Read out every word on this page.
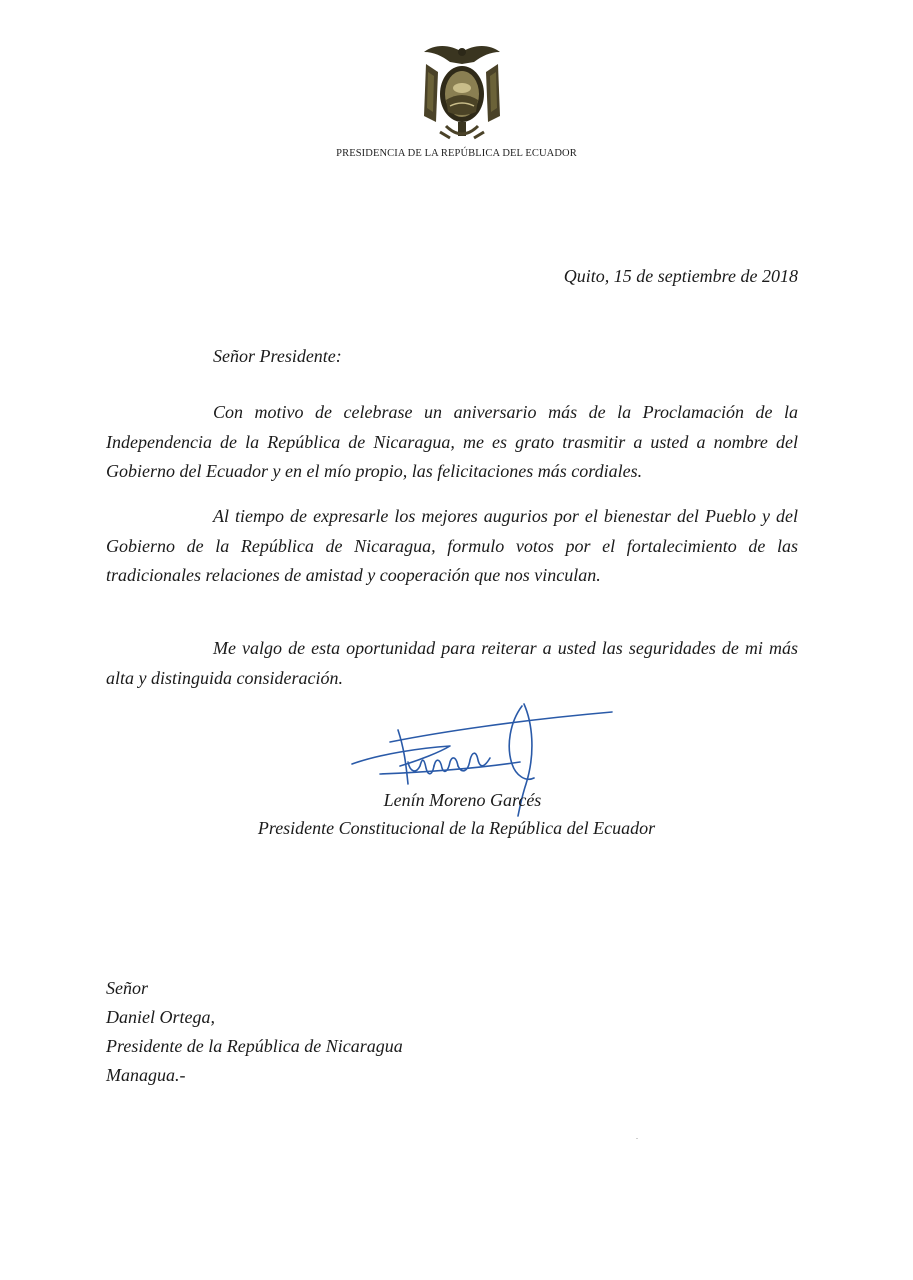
PRESIDENCIA DE LA REPÚBLICA DEL ECUADOR
Quito, 15 de septiembre de 2018
Señor Presidente:

Con motivo de celebrase un aniversario más de la Proclamación de la Independencia de la República de Nicaragua, me es grato trasmitir a usted a nombre del Gobierno del Ecuador y en el mío propio, las felicitaciones más cordiales.

Al tiempo de expresarle los mejores augurios por el bienestar del Pueblo y del Gobierno de la República de Nicaragua, formulo votos por el fortalecimiento de las tradicionales relaciones de amistad y cooperación que nos vinculan.

Me valgo de esta oportunidad para reiterar a usted las seguridades de mi más alta y distinguida consideración.

Lenín Moreno Garcés
Presidente Constitucional de la República del Ecuador
Señor
Daniel Ortega,
Presidente de la República de Nicaragua
Managua.-
